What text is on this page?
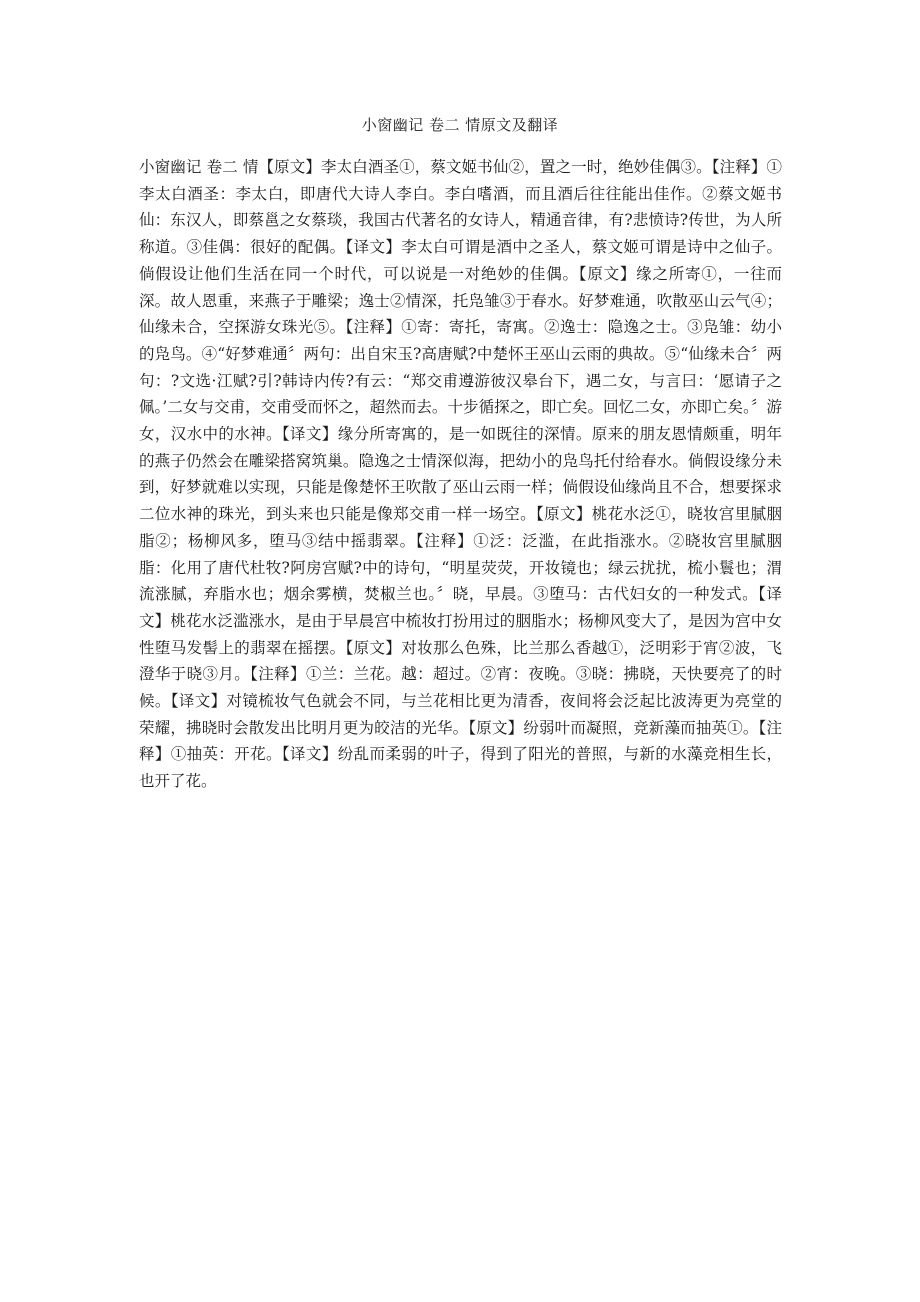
小窗幽记 卷二 情原文及翻译
小窗幽记 卷二 情【原文】李太白酒圣①，蔡文姬书仙②，置之一时，绝妙佳偶③。【注释】①李太白酒圣：李太白，即唐代大诗人李白。李白嗜酒，而且酒后往往能出佳作。②蔡文姬书仙：东汉人，即蔡邕之女蔡琰，我国古代著名的女诗人，精通音律，有?悲愤诗?传世，为人所称道。③佳偶：很好的配偶。【译文】李太白可谓是酒中之圣人，蔡文姬可谓是诗中之仙子。倘假设让他们生活在同一个时代，可以说是一对绝妙的佳偶。【原文】缘之所寄①，一往而深。故人恩重，来燕子于雕梁；逸士②情深，托凫雏③于春水。好梦难通，吹散巫山云气④；仙缘未合，空探游女珠光⑤。【注释】①寄：寄托，寄寓。②逸士：隐逸之士。③凫雏：幼小的凫鸟。④“好梦难通〞两句：出自宋玉?高唐赋?中楚怀王巫山云雨的典故。⑤“仙缘未合〞两句：?文选·江赋?引?韩诗内传?有云：“郑交甫遵游彼汉皋台下，遇二女，与言曰：‘愿请子之佩。’二女与交甫，交甫受而怀之，超然而去。十步循探之，即亡矣。回忆二女，亦即亡矣。〞游女，汉水中的水神。【译文】缘分所寄寓的，是一如既往的深情。原来的朋友恩情颇重，明年的燕子仍然会在雕梁搭窝筑巢。隐逸之士情深似海，把幼小的凫鸟托付给春水。倘假设缘分未到，好梦就难以实现，只能是像楚怀王吹散了巫山云雨一样；倘假设仙缘尚且不合，想要探求二位水神的珠光，到头来也只能是像郑交甫一样一场空。【原文】桃花水泛①，晓妆宫里腻胭脂②；杨柳风多，堕马③结中摇翡翠。【注释】①泛：泛滥，在此指涨水。②晓妆宫里腻胭脂：化用了唐代杜牧?阿房宫赋?中的诗句，“明星荧荧，开妆镜也；绿云扰扰，梳小鬟也；渭流涨腻，弃脂水也；烟余雾横，焚椒兰也。〞晓，早晨。③堕马：古代妇女的一种发式。【译文】桃花水泛滥涨水，是由于早晨宫中梳妆打扮用过的胭脂水；杨柳风变大了，是因为宫中女性堕马发髻上的翡翠在摇摆。【原文】对妆那么色殊，比兰那么香越①，泛明彩于宵②波，飞澄华于晓③月。【注释】①兰：兰花。越：超过。②宵：夜晚。③晓：拂晓，天快要亮了的时候。【译文】对镜梳妆气色就会不同，与兰花相比更为清香，夜间将会泛起比波涛更为亮堂的荣耀，拂晓时会散发出比明月更为皎洁的光华。【原文】纷弱叶而凝照，竞新藻而抽英①。【注释】①抽英：开花。【译文】纷乱而柔弱的叶子，得到了阳光的普照，与新的水藻竞相生长，也开了花。
